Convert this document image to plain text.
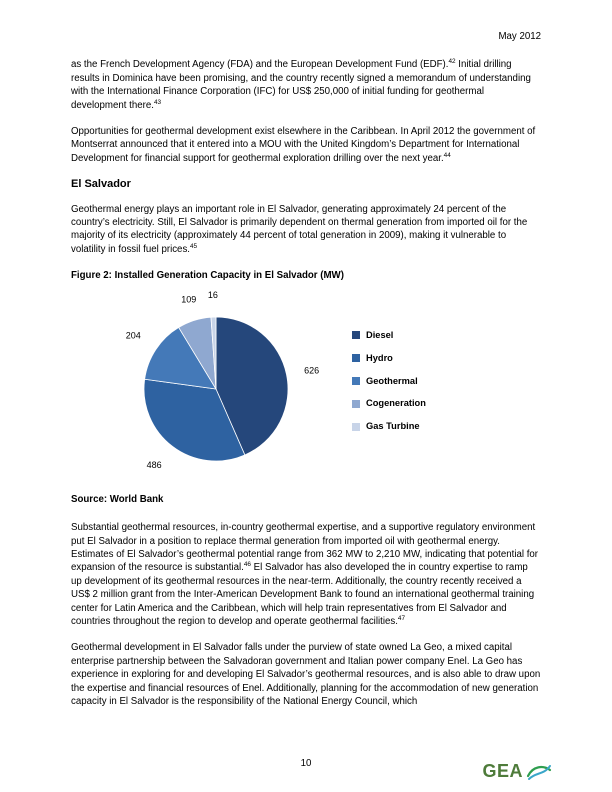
May 2012

as the French Development Agency (FDA) and the European Development Fund (EDF).$^{42}$ Initial drilling results in Dominica have been promising, and the country recently signed a memorandum of understanding with the International Finance Corporation (IFC) for US$ 250,000 of initial funding for geothermal development there.$^{43}$

Opportunities for geothermal development exist elsewhere in the Caribbean. In April 2012 the government of Montserrat announced that it entered into a MOU with the United Kingdom’s Department for International Development for financial support for geothermal exploration drilling over the next year.$^{44}$

El Salvador

Geothermal energy plays an important role in El Salvador, generating approximately 24 percent of the country’s electricity. Still, El Salvador is primarily dependent on thermal generation from imported oil for the majority of its electricity (approximately 44 percent of total generation in 2009), making it vulnerable to volatility in fossil fuel prices.$^{45}$

Figure 2: Installed Generation Capacity in El Salvador (MW)
626
486
204
109 16
Diesel
Hydro
Geothermal
Cogeneration
Gas Turbine
Source: World Bank

Substantial geothermal resources, in-country geothermal expertise, and a supportive regulatory environment put El Salvador in a position to replace thermal generation from imported oil with geothermal energy. Estimates of El Salvador’s geothermal potential range from 362 MW to 2,210 MW, indicating that potential for expansion of the resource is substantial.$^{46}$ El Salvador has also developed the in country expertise to ramp up development of its geothermal resources in the near-term. Additionally, the country recently received a US$ 2 million grant from the Inter-American Development Bank to found an international geothermal training center for Latin America and the Caribbean, which will help train representatives from El Salvador and countries throughout the region to develop and operate geothermal facilities.$^{47}$

Geothermal development in El Salvador falls under the purview of state owned La Geo, a mixed capital enterprise partnership between the Salvadoran government and Italian power company Enel. La Geo has experience in exploring for and developing El Salvador’s geothermal resources, and is also able to draw upon the expertise and financial resources of Enel. Additionally, planning for the accommodation of new generation capacity in El Salvador is the responsibility of the National Energy Council, which

10	GEA
